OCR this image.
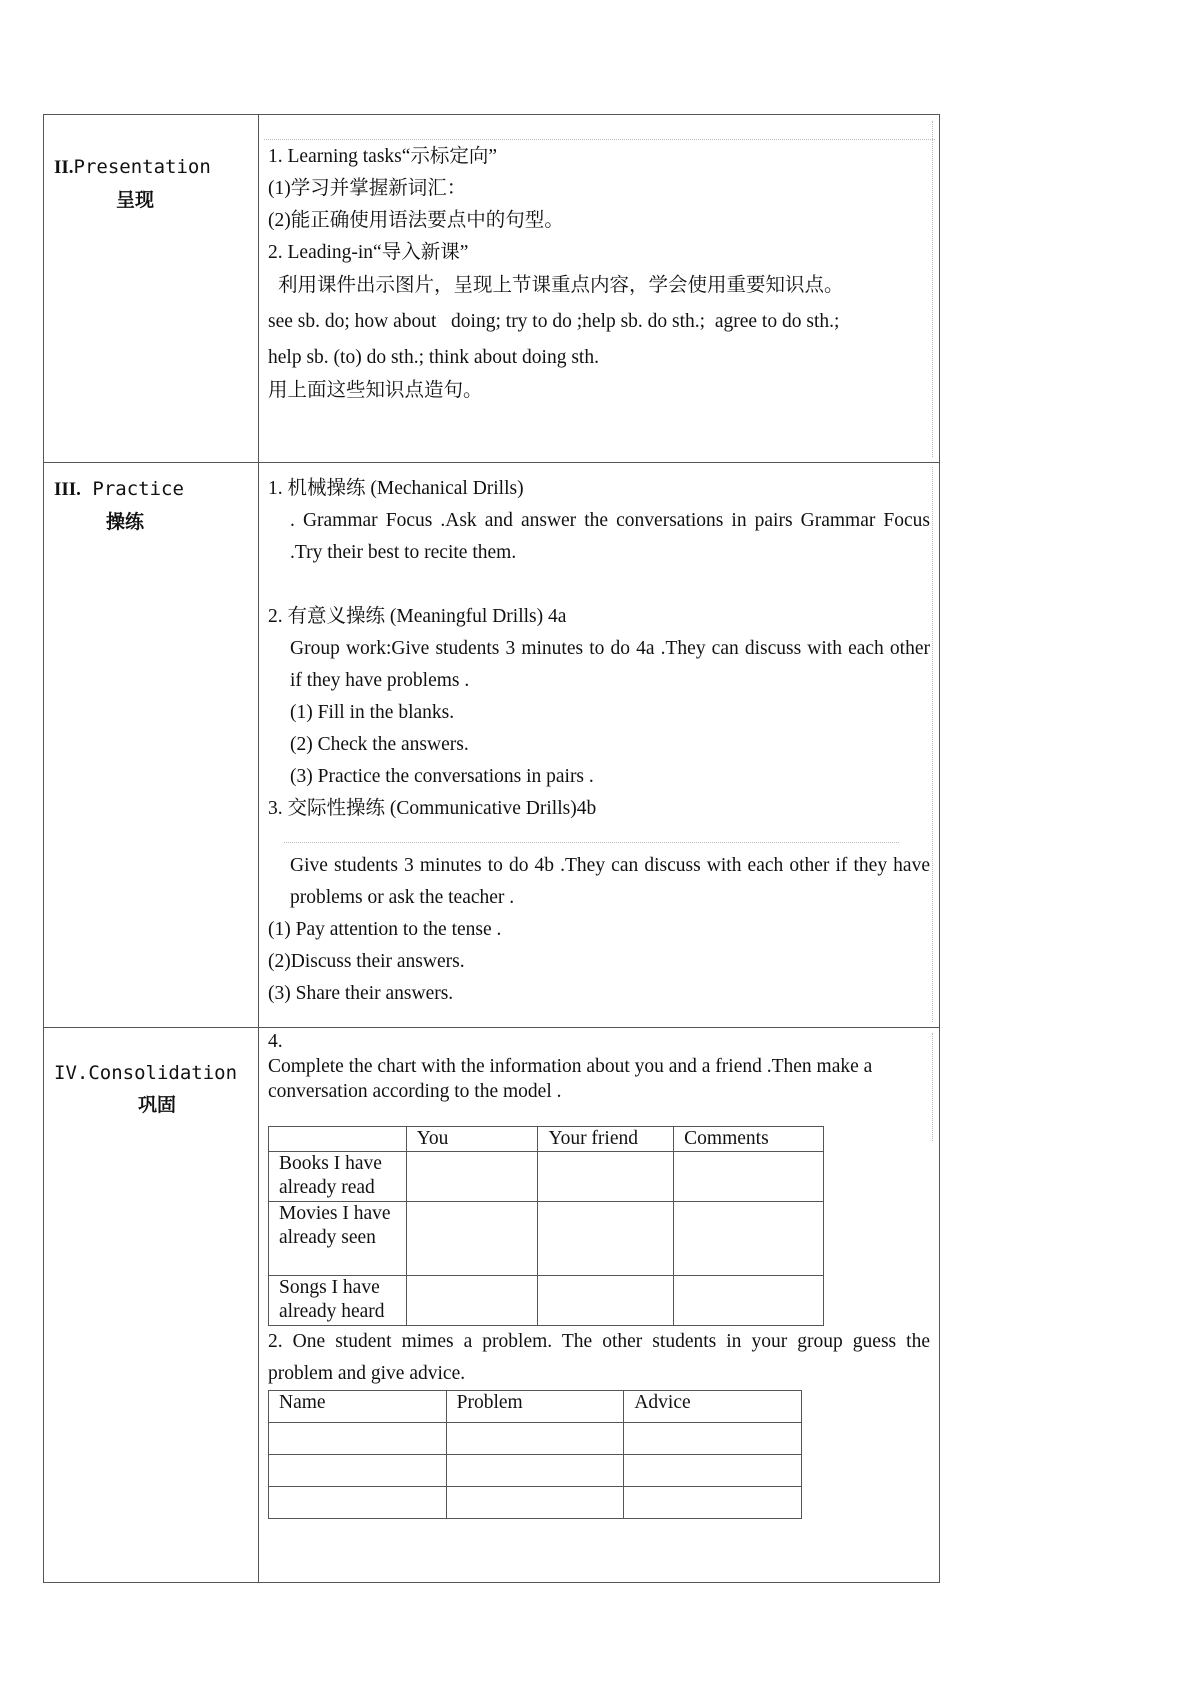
II.Presentation
呈现

1. Learning tasks“示标定向”

(1)学习并掌握新词汇：

(2)能正确使用语法要点中的句型。

2. Leading-in“导入新课”

利用课件出示图片，呈现上节课重点内容，学会使用重要知识点。

see sb. do; how about   doing; try to do ;help sb. do sth.;  agree to do sth.;

help sb. (to) do sth.; think about doing sth.

用上面这些知识点造句。

III. Practice
操练

1. 机械操练 (Mechanical Drills)

. Grammar Focus .Ask and answer the conversations in pairs Grammar Focus .Try their best to recite them.

2. 有意义操练 (Meaningful Drills) 4a

Group work:Give students 3 minutes to do 4a .They can discuss with each other if they have problems .

(1) Fill in the blanks.

(2) Check the answers.

(3) Practice the conversations in pairs .

3. 交际性操练 (Communicative Drills)4b

Give students 3 minutes to do 4b .They can discuss with each other if they have problems or ask the teacher .

(1) Pay attention to the tense .

(2)Discuss their answers.

(3) Share their answers.

IV.Consolidation
巩固

4.

Complete the chart with the information about you and a friend .Then make a conversation according to the model .

	You	Your friend	Comments
Books I have already read			
Movies I have already seen			
Songs I have already heard			

2. One student mimes a problem. The other students in your group guess the problem and give advice.

Name	Problem	Advice
